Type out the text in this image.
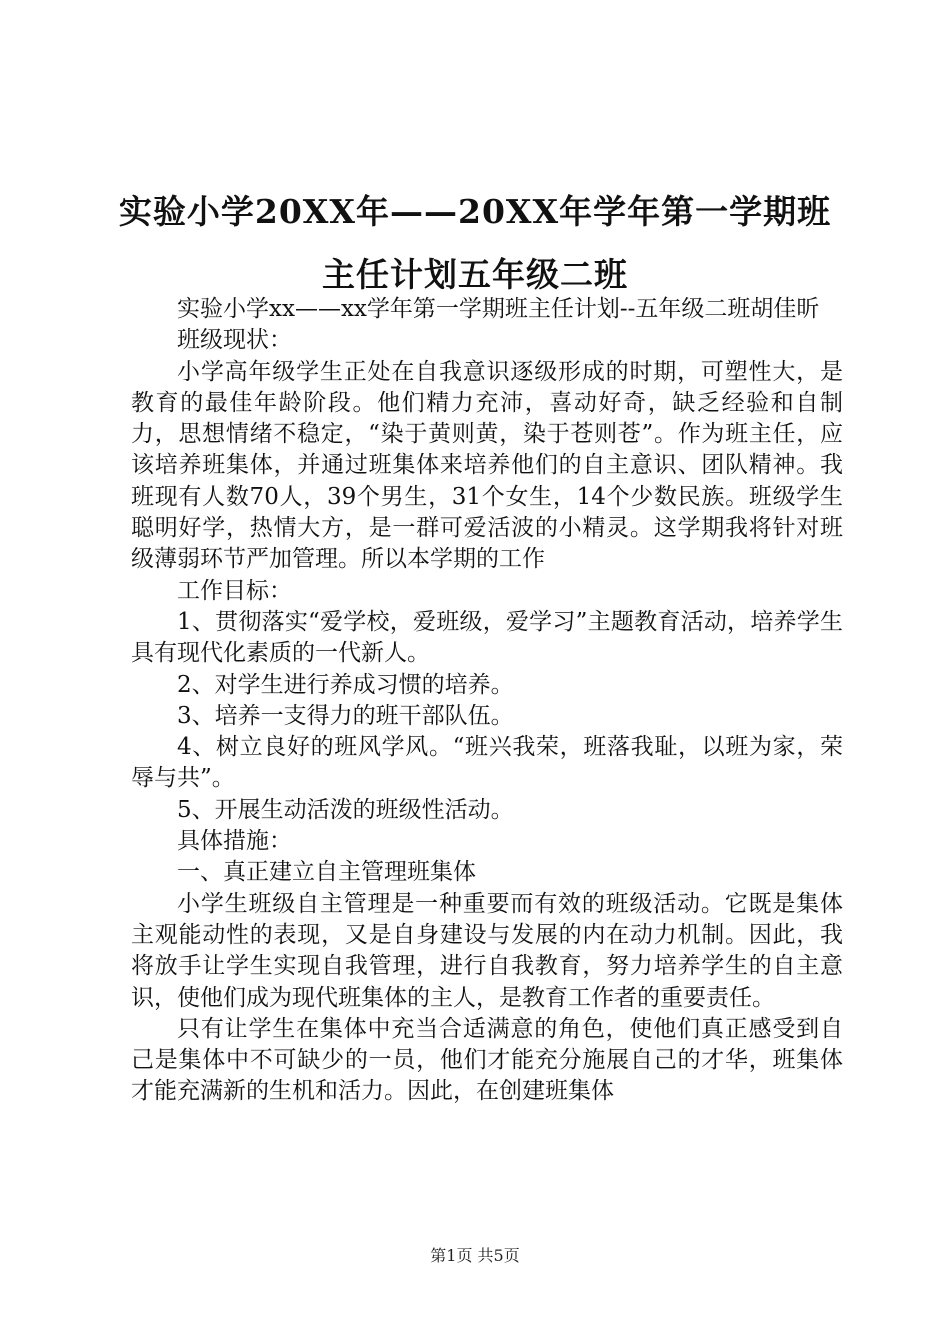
实验小学20XX年——20XX年学年第一学期班
主任计划五年级二班

实验小学xx——xx学年第一学期班主任计划--五年级二班胡佳昕

班级现状：

小学高年级学生正处在自我意识逐级形成的时期，可塑性大，是教育的最佳年龄阶段。他们精力充沛，喜动好奇，缺乏经验和自制力，思想情绪不稳定，“染于黄则黄，染于苍则苍”。作为班主任，应该培养班集体，并通过班集体来培养他们的自主意识、团队精神。我班现有人数70人，39个男生，31个女生，14个少数民族。班级学生聪明好学，热情大方，是一群可爱活波的小精灵。这学期我将针对班级薄弱环节严加管理。所以本学期的工作

工作目标：

1、贯彻落实“爱学校，爱班级，爱学习”主题教育活动，培养学生具有现代化素质的一代新人。

2、对学生进行养成习惯的培养。

3、培养一支得力的班干部队伍。

4、树立良好的班风学风。“班兴我荣，班落我耻，以班为家，荣辱与共”。

5、开展生动活泼的班级性活动。

具体措施：

一、真正建立自主管理班集体

小学生班级自主管理是一种重要而有效的班级活动。它既是集体主观能动性的表现，又是自身建设与发展的内在动力机制。因此，我将放手让学生实现自我管理，进行自我教育，努力培养学生的自主意识，使他们成为现代班集体的主人，是教育工作者的重要责任。

只有让学生在集体中充当合适满意的角色，使他们真正感受到自己是集体中不可缺少的一员，他们才能充分施展自己的才华，班集体才能充满新的生机和活力。因此，在创建班集体

第1页 共5页
